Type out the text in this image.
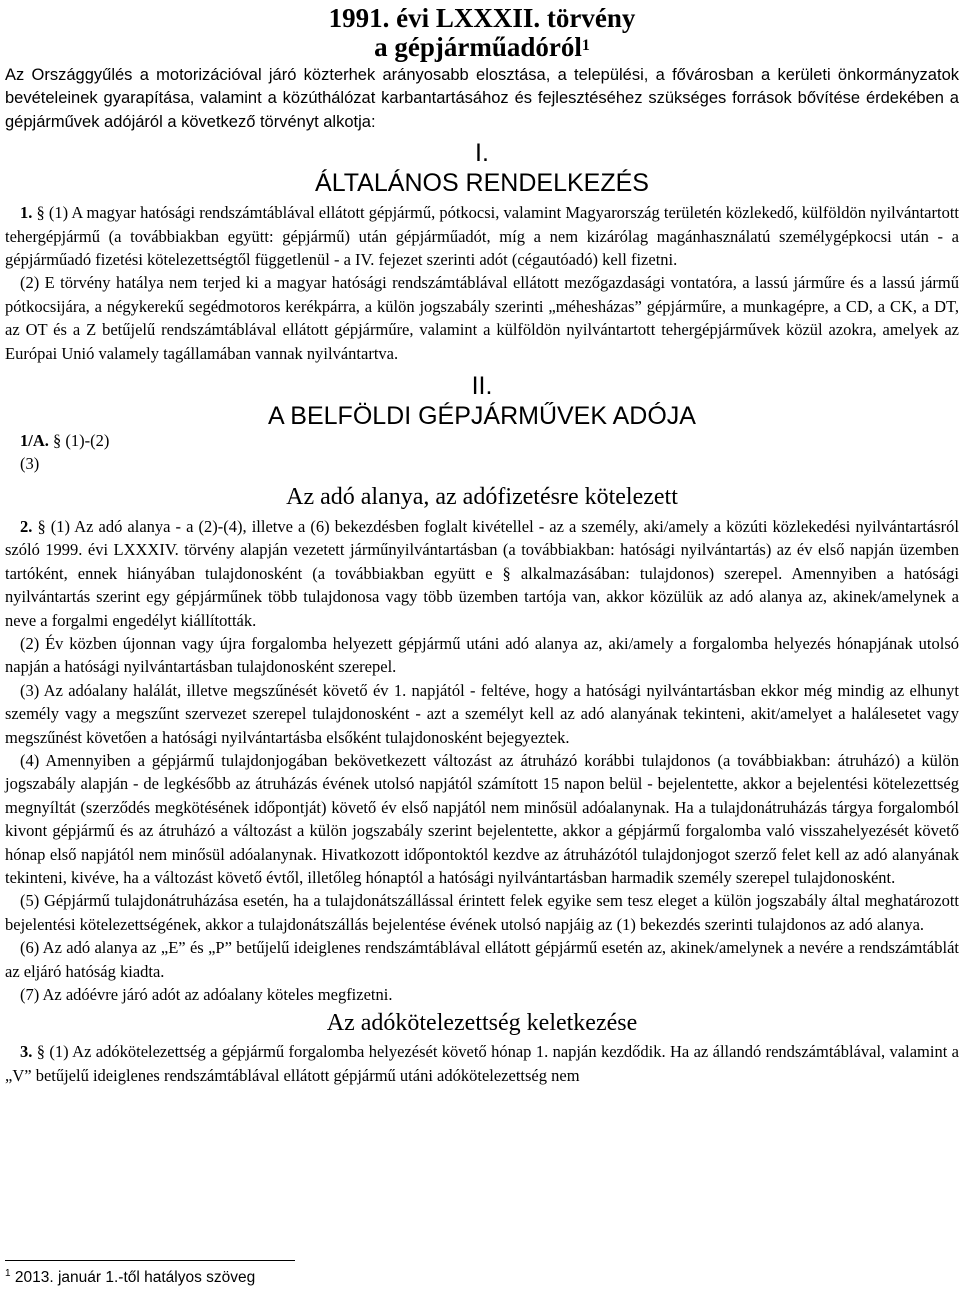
1991. évi LXXXII. törvény
a gépjárműadóról$^1$

Az Országgyűlés a motorizációval járó közterhek arányosabb elosztása, a települési, a fővárosban a kerületi önkormányzatok bevételeinek gyarapítása, valamint a közúthálózat karbantartásához és fejlesztéséhez szükséges források bővítése érdekében a gépjárművek adójáról a következő törvényt alkotja:

I.
ÁLTALÁNOS RENDELKEZÉS

1. § (1) A magyar hatósági rendszámtáblával ellátott gépjármű, pótkocsi, valamint Magyarország területén közlekedő, külföldön nyilvántartott tehergépjármű (a továbbiakban együtt: gépjármű) után gépjárműadót, míg a nem kizárólag magánhasználatú személygépkocsi után - a gépjárműadó fizetési kötelezettségtől függetlenül - a IV. fejezet szerinti adót (cégautóadó) kell fizetni.

(2) E törvény hatálya nem terjed ki a magyar hatósági rendszámtáblával ellátott mezőgazdasági vontatóra, a lassú járműre és a lassú jármű pótkocsijára, a négykerekű segédmotoros kerékpárra, a külön jogszabály szerinti „méhesházas” gépjárműre, a munkagépre, a CD, a CK, a DT, az OT és a Z betűjelű rendszámtáblával ellátott gépjárműre, valamint a külföldön nyilvántartott tehergépjárművek közül azokra, amelyek az Európai Unió valamely tagállamában vannak nyilvántartva.

II.
A BELFÖLDI GÉPJÁRMŰVEK ADÓJA

1/A. § (1)-(2)

(3)

Az adó alanya, az adófizetésre kötelezett

2. § (1) Az adó alanya - a (2)-(4), illetve a (6) bekezdésben foglalt kivétellel - az a személy, aki/amely a közúti közlekedési nyilvántartásról szóló 1999. évi LXXXIV. törvény alapján vezetett járműnyilvántartásban (a továbbiakban: hatósági nyilvántartás) az év első napján üzemben tartóként, ennek hiányában tulajdonosként (a továbbiakban együtt e § alkalmazásában: tulajdonos) szerepel. Amennyiben a hatósági nyilvántartás szerint egy gépjárműnek több tulajdonosa vagy több üzemben tartója van, akkor közülük az adó alanya az, akinek/amelynek a neve a forgalmi engedélyt kiállították.

(2) Év közben újonnan vagy újra forgalomba helyezett gépjármű utáni adó alanya az, aki/amely a forgalomba helyezés hónapjának utolsó napján a hatósági nyilvántartásban tulajdonosként szerepel.

(3) Az adóalany halálát, illetve megszűnését követő év 1. napjától - feltéve, hogy a hatósági nyilvántartásban ekkor még mindig az elhunyt személy vagy a megszűnt szervezet szerepel tulajdonosként - azt a személyt kell az adó alanyának tekinteni, akit/amelyet a halálesetet vagy megszűnést követően a hatósági nyilvántartásba elsőként tulajdonosként bejegyeztek.

(4) Amennyiben a gépjármű tulajdonjogában bekövetkezett változást az átruházó korábbi tulajdonos (a továbbiakban: átruházó) a külön jogszabály alapján - de legkésőbb az átruházás évének utolsó napjától számított 15 napon belül - bejelentette, akkor a bejelentési kötelezettség megnyíltát (szerződés megkötésének időpontját) követő év első napjától nem minősül adóalanynak. Ha a tulajdonátruházás tárgya forgalomból kivont gépjármű és az átruházó a változást a külön jogszabály szerint bejelentette, akkor a gépjármű forgalomba való visszahelyezését követő hónap első napjától nem minősül adóalanynak. Hivatkozott időpontoktól kezdve az átruházótól tulajdonjogot szerző felet kell az adó alanyának tekinteni, kivéve, ha a változást követő évtől, illetőleg hónaptól a hatósági nyilvántartásban harmadik személy szerepel tulajdonosként.

(5) Gépjármű tulajdonátruházása esetén, ha a tulajdonátszállással érintett felek egyike sem tesz eleget a külön jogszabály által meghatározott bejelentési kötelezettségének, akkor a tulajdonátszállás bejelentése évének utolsó napjáig az (1) bekezdés szerinti tulajdonos az adó alanya.

(6) Az adó alanya az „E” és „P” betűjelű ideiglenes rendszámtáblával ellátott gépjármű esetén az, akinek/amelynek a nevére a rendszámtáblát az eljáró hatóság kiadta.

(7) Az adóévre járó adót az adóalany köteles megfizetni.

Az adókötelezettség keletkezése

3. § (1) Az adókötelezettség a gépjármű forgalomba helyezését követő hónap 1. napján kezdődik. Ha az állandó rendszámtáblával, valamint a „V” betűjelű ideiglenes rendszámtáblával ellátott gépjármű utáni adókötelezettség nem

$^1$ 2013. január 1.-től hatályos szöveg
